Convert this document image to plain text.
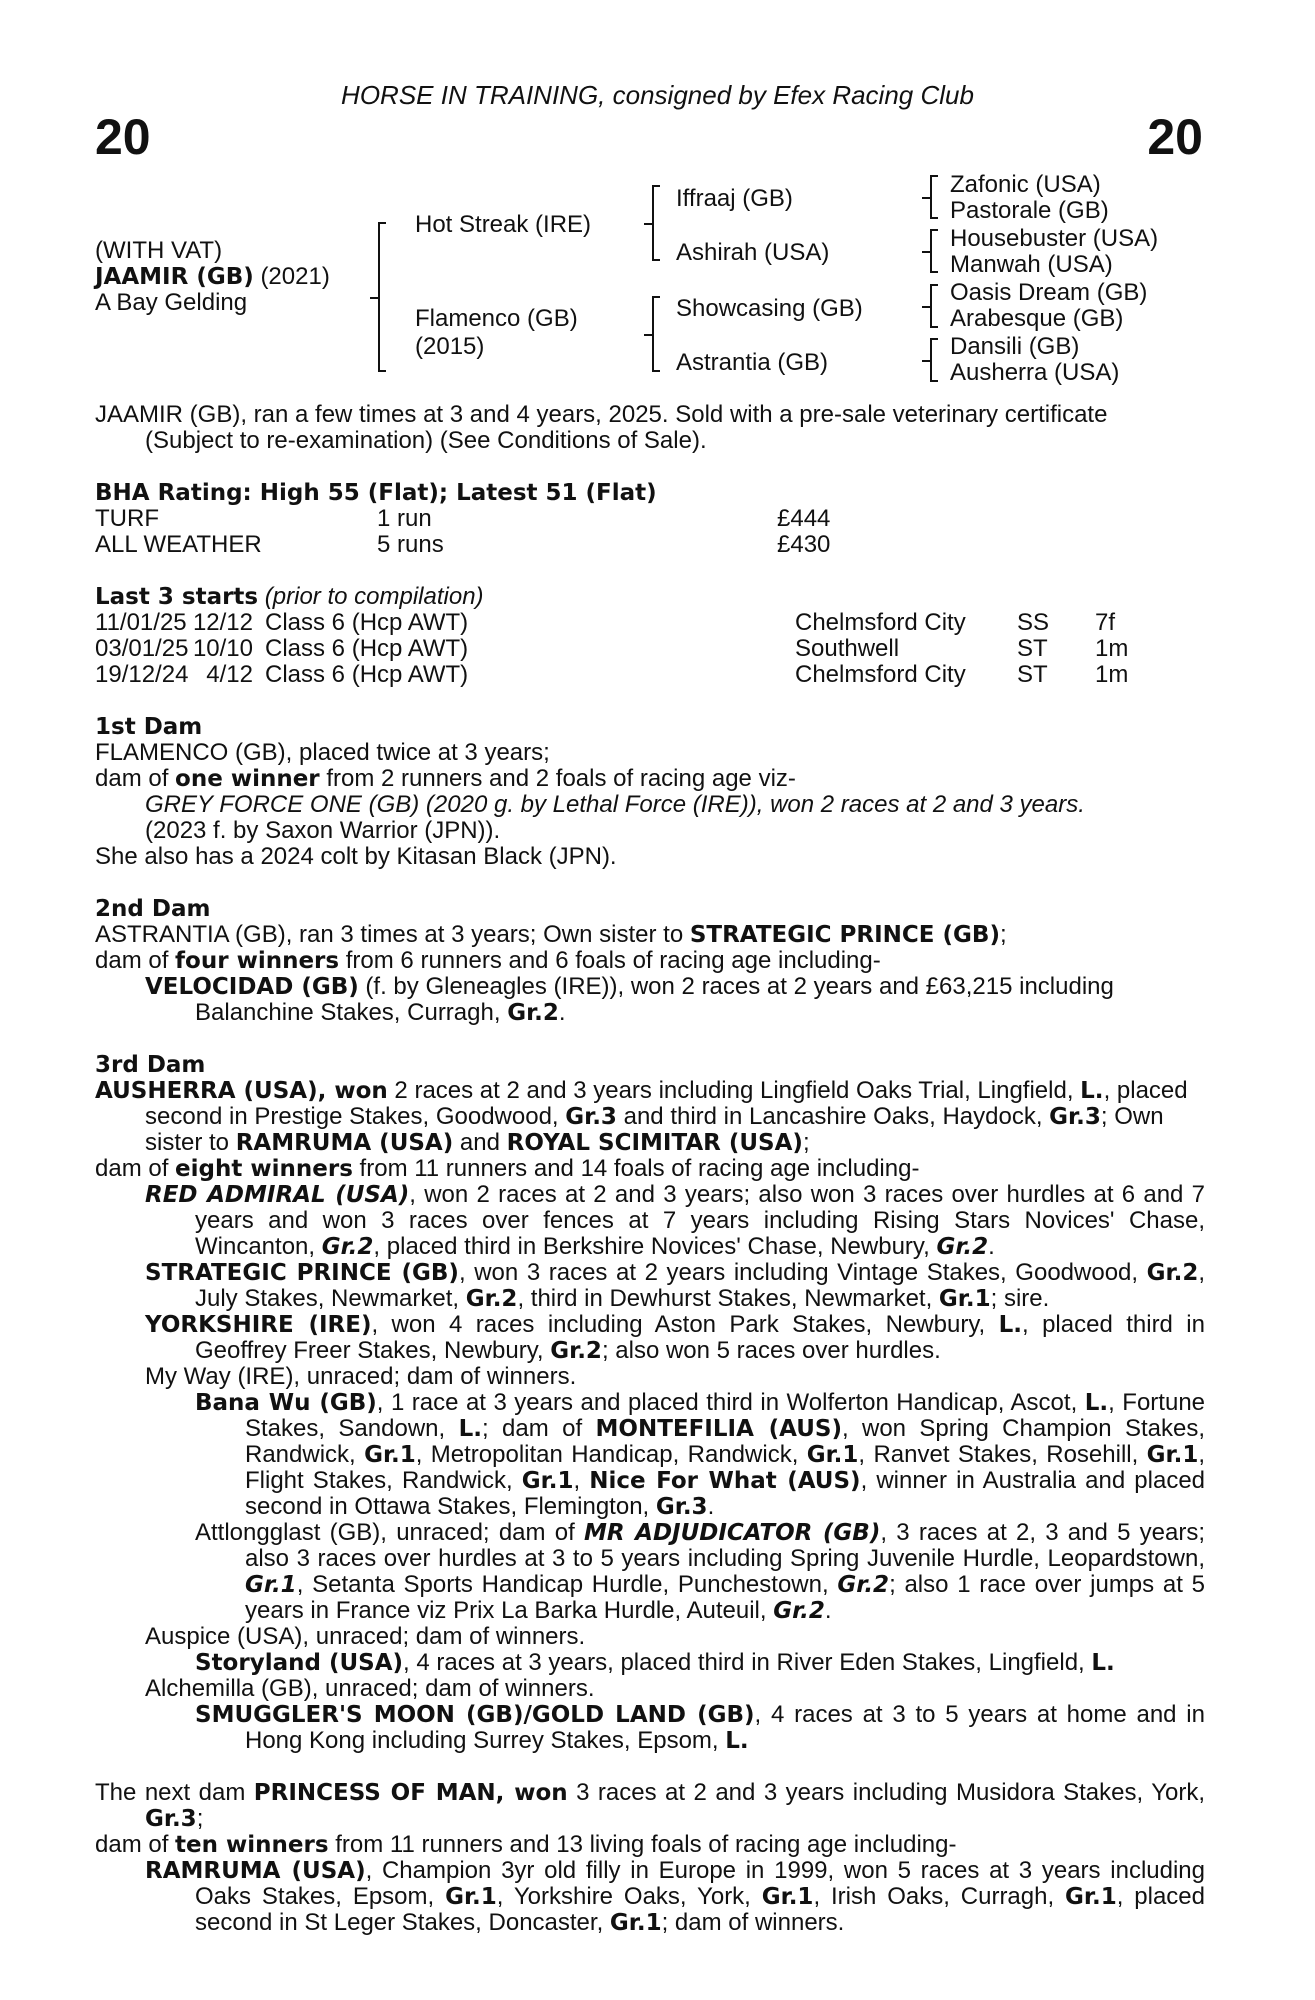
HORSE IN TRAINING, consigned by Efex Racing Club
20	20
(WITH VAT)
JAAMIR (GB) (2021)
A Bay Gelding
Hot Streak (IRE)
Flamenco (GB)
(2015)
Iffraaj (GB)
Ashirah (USA)
Showcasing (GB)
Astrantia (GB)
Zafonic (USA)
Pastorale (GB)
Housebuster (USA)
Manwah (USA)
Oasis Dream (GB)
Arabesque (GB)
Dansili (GB)
Ausherra (USA)

JAAMIR (GB), ran a few times at 3 and 4 years, 2025. Sold with a pre-sale veterinary certificate

(Subject to re-examination) (See Conditions of Sale).

BHA Rating: High 55 (Flat); Latest 51 (Flat)

TURF	1 run	£444
ALL WEATHER	5 runs	£430

Last 3 starts (prior to compilation)

11/01/25 12/12 Class 6 (Hcp AWT)	Chelmsford City	SS	7f
03/01/25 10/10 Class 6 (Hcp AWT)	Southwell	ST	1m
19/12/24 4/12 Class 6 (Hcp AWT)	Chelmsford City	ST	1m

1st Dam

FLAMENCO (GB), placed twice at 3 years;

dam of one winner from 2 runners and 2 foals of racing age viz-

GREY FORCE ONE (GB) (2020 g. by Lethal Force (IRE)), won 2 races at 2 and 3 years.

(2023 f. by Saxon Warrior (JPN)).

She also has a 2024 colt by Kitasan Black (JPN).

2nd Dam

ASTRANTIA (GB), ran 3 times at 3 years; Own sister to STRATEGIC PRINCE (GB);

dam of four winners from 6 runners and 6 foals of racing age including-

VELOCIDAD (GB) (f. by Gleneagles (IRE)), won 2 races at 2 years and £63,215 including Balanchine Stakes, Curragh, Gr.2.

3rd Dam

AUSHERRA (USA), won 2 races at 2 and 3 years including Lingfield Oaks Trial, Lingfield, L., placed second in Prestige Stakes, Goodwood, Gr.3 and third in Lancashire Oaks, Haydock, Gr.3; Own sister to RAMRUMA (USA) and ROYAL SCIMITAR (USA);

dam of eight winners from 11 runners and 14 foals of racing age including-

RED ADMIRAL (USA), won 2 races at 2 and 3 years; also won 3 races over hurdles at 6 and 7 years and won 3 races over fences at 7 years including Rising Stars Novices' Chase, Wincanton, Gr.2, placed third in Berkshire Novices' Chase, Newbury, Gr.2.

STRATEGIC PRINCE (GB), won 3 races at 2 years including Vintage Stakes, Goodwood, Gr.2, July Stakes, Newmarket, Gr.2, third in Dewhurst Stakes, Newmarket, Gr.1; sire.

YORKSHIRE (IRE), won 4 races including Aston Park Stakes, Newbury, L., placed third in Geoffrey Freer Stakes, Newbury, Gr.2; also won 5 races over hurdles.

My Way (IRE), unraced; dam of winners.

Bana Wu (GB), 1 race at 3 years and placed third in Wolferton Handicap, Ascot, L., Fortune Stakes, Sandown, L.; dam of MONTEFILIA (AUS), won Spring Champion Stakes, Randwick, Gr.1, Metropolitan Handicap, Randwick, Gr.1, Ranvet Stakes, Rosehill, Gr.1, Flight Stakes, Randwick, Gr.1, Nice For What (AUS), winner in Australia and placed second in Ottawa Stakes, Flemington, Gr.3.

Attlongglast (GB), unraced; dam of MR ADJUDICATOR (GB), 3 races at 2, 3 and 5 years; also 3 races over hurdles at 3 to 5 years including Spring Juvenile Hurdle, Leopardstown, Gr.1, Setanta Sports Handicap Hurdle, Punchestown, Gr.2; also 1 race over jumps at 5 years in France viz Prix La Barka Hurdle, Auteuil, Gr.2.

Auspice (USA), unraced; dam of winners.

Storyland (USA), 4 races at 3 years, placed third in River Eden Stakes, Lingfield, L.

Alchemilla (GB), unraced; dam of winners.

SMUGGLER'S MOON (GB)/GOLD LAND (GB), 4 races at 3 to 5 years at home and in Hong Kong including Surrey Stakes, Epsom, L.

The next dam PRINCESS OF MAN, won 3 races at 2 and 3 years including Musidora Stakes, York, Gr.3;

dam of ten winners from 11 runners and 13 living foals of racing age including-

RAMRUMA (USA), Champion 3yr old filly in Europe in 1999, won 5 races at 3 years including Oaks Stakes, Epsom, Gr.1, Yorkshire Oaks, York, Gr.1, Irish Oaks, Curragh, Gr.1, placed second in St Leger Stakes, Doncaster, Gr.1; dam of winners.
